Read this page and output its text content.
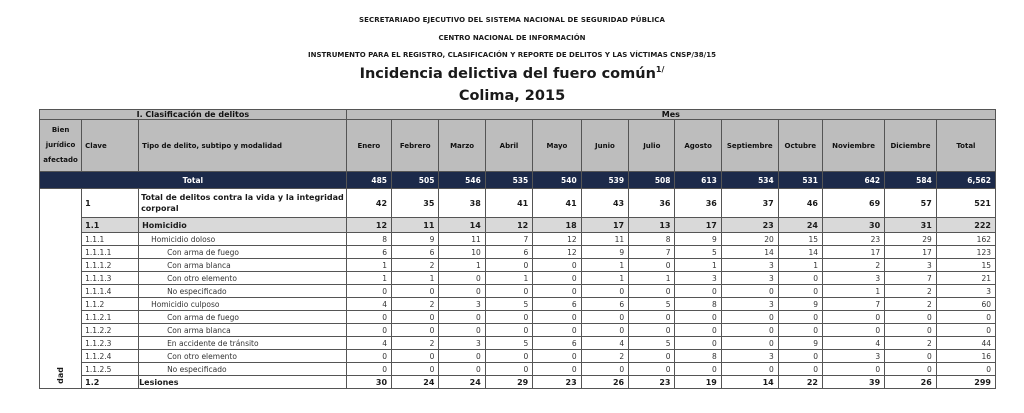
SECRETARIADO EJECUTIVO DEL SISTEMA NACIONAL DE SEGURIDAD PÚBLICA
CENTRO NACIONAL DE INFORMACIÓN
INSTRUMENTO PARA EL REGISTRO, CLASIFICACIÓN Y REPORTE DE DELITOS Y LAS VÍCTIMAS CNSP/38/15
Incidencia delictiva del fuero común$^{1/}$
Colima, 2015
I. Clasificación de delitos			Mes												

Bien
jurídico
afectado	Clave	Tipo de delito, subtipo y modalidad	Enero	Febrero	Marzo	Abril	Mayo	Junio	Julio	Agosto	Septiembre	Octubre	Noviembre	Diciembre	Total
Total			485	505	546	535	540	539	508	613	534	531	642	584	6,562

dad	1	Total de delitos contra la vida y la integridad corporal	42	35	38	41	41	43	36	36	37	46	69	57	521
	1.1	Homicidio	12	11	14	12	18	17	13	17	23	24	30	31	222
	1.1.1	Homicidio doloso	8	9	11	7	12	11	8	9	20	15	23	29	162
	1.1.1.1	Con arma de fuego	6	6	10	6	12	9	7	5	14	14	17	17	123
	1.1.1.2	Con arma blanca	1	2	1	0	0	1	0	1	3	1	2	3	15
	1.1.1.3	Con otro elemento	1	1	0	1	0	1	1	3	3	0	3	7	21
	1.1.1.4	No especificado	0	0	0	0	0	0	0	0	0	0	1	2	3
	1.1.2	Homicidio culposo	4	2	3	5	6	6	5	8	3	9	7	2	60
	1.1.2.1	Con arma de fuego	0	0	0	0	0	0	0	0	0	0	0	0	0
	1.1.2.2	Con arma blanca	0	0	0	0	0	0	0	0	0	0	0	0	0
	1.1.2.3	En accidente de tránsito	4	2	3	5	6	4	5	0	0	9	4	2	44
	1.1.2.4	Con otro elemento	0	0	0	0	0	2	0	8	3	0	3	0	16
	1.1.2.5	No especificado	0	0	0	0	0	0	0	0	0	0	0	0	0
	1.2	Lesiones	30	24	24	29	23	26	23	19	14	22	39	26	299
